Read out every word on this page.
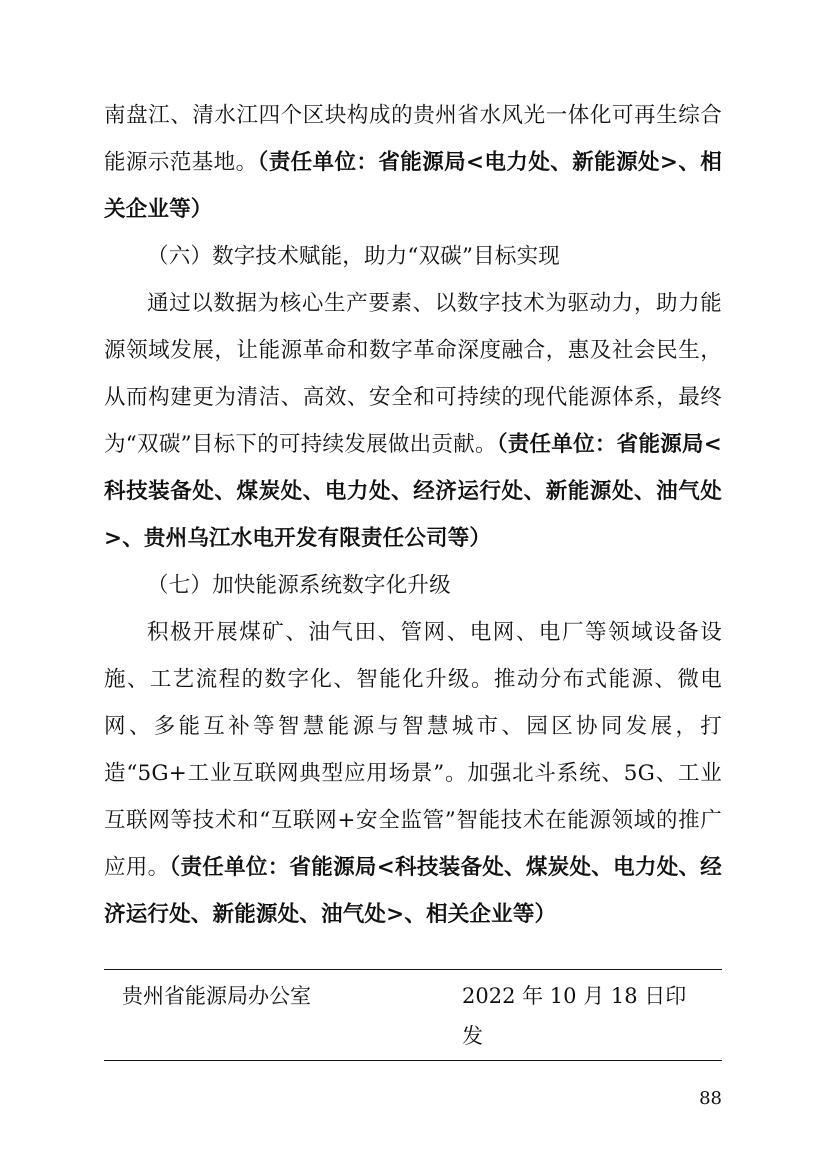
南盘江、清水江四个区块构成的贵州省水风光一体化可再生综合能源示范基地。（责任单位：省能源局<电力处、新能源处>、相关企业等）

（六）数字技术赋能，助力“双碳”目标实现

通过以数据为核心生产要素、以数字技术为驱动力，助力能源领域发展，让能源革命和数字革命深度融合，惠及社会民生，从而构建更为清洁、高效、安全和可持续的现代能源体系，最终为“双碳”目标下的可持续发展做出贡献。（责任单位：省能源局<科技装备处、煤炭处、电力处、经济运行处、新能源处、油气处>、贵州乌江水电开发有限责任公司等）

（七）加快能源系统数字化升级

积极开展煤矿、油气田、管网、电网、电厂等领域设备设施、工艺流程的数字化、智能化升级。推动分布式能源、微电网、多能互补等智慧能源与智慧城市、园区协同发展，打造“5G+工业互联网典型应用场景”。加强北斗系统、5G、工业互联网等技术和“互联网+安全监管”智能技术在能源领域的推广应用。（责任单位：省能源局<科技装备处、煤炭处、电力处、经济运行处、新能源处、油气处>、相关企业等）

贵州省能源局办公室	2022 年 10 月 18 日印发
88
